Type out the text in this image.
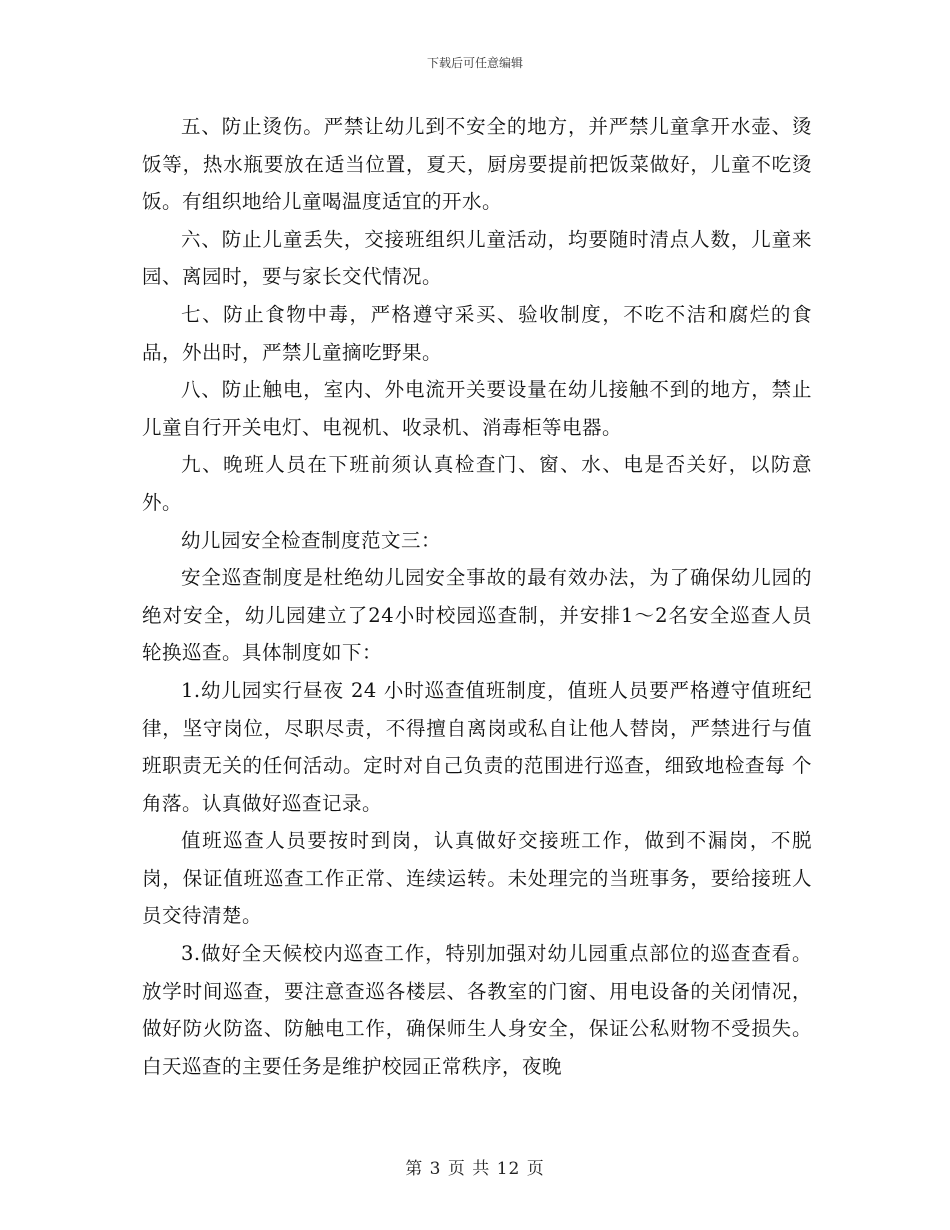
下载后可任意编辑

五、防止烫伤。严禁让幼儿到不安全的地方，并严禁儿童拿开水壶、烫饭等，热水瓶要放在适当位置，夏天，厨房要提前把饭菜做好，儿童不吃烫饭。有组织地给儿童喝温度适宜的开水。

六、防止儿童丢失，交接班组织儿童活动，均要随时清点人数，儿童来园、离园时，要与家长交代情况。

七、防止食物中毒，严格遵守采买、验收制度，不吃不洁和腐烂的食品，外出时，严禁儿童摘吃野果。

八、防止触电，室内、外电流开关要设量在幼儿接触不到的地方，禁止儿童自行开关电灯、电视机、收录机、消毒柜等电器。

九、晚班人员在下班前须认真检查门、窗、水、电是否关好，以防意外。

幼儿园安全检查制度范文三：

安全巡查制度是杜绝幼儿园安全事故的最有效办法，为了确保幼儿园的绝对安全，幼儿园建立了24小时校园巡查制，并安排1～2名安全巡查人员轮换巡查。具体制度如下：

1.幼儿园实行昼夜 24 小时巡查值班制度，值班人员要严格遵守值班纪律，坚守岗位，尽职尽责，不得擅自离岗或私自让他人替岗，严禁进行与值班职责无关的任何活动。定时对自己负责的范围进行巡查，细致地检查每 个角落。认真做好巡查记录。

值班巡查人员要按时到岗，认真做好交接班工作，做到不漏岗，不脱岗，保证值班巡查工作正常、连续运转。未处理完的当班事务，要给接班人员交待清楚。

3.做好全天候校内巡查工作，特别加强对幼儿园重点部位的巡查查看。放学时间巡查，要注意查巡各楼层、各教室的门窗、用电设备的关闭情况，做好防火防盗、防触电工作，确保师生人身安全，保证公私财物不受损失。白天巡查的主要任务是维护校园正常秩序，夜晚

第 3 页 共 12 页
